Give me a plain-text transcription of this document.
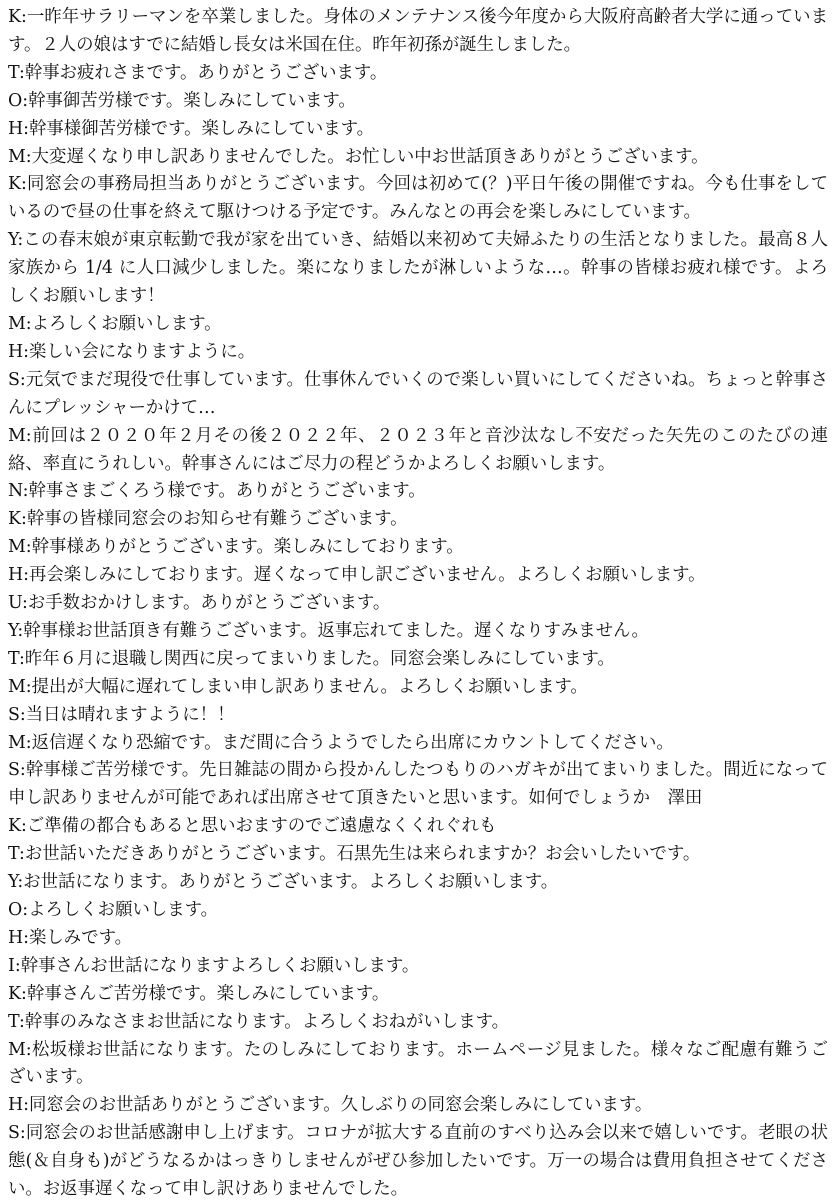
K:一昨年サラリーマンを卒業しました。身体のメンテナンス後今年度から大阪府高齢者大学に通っています。２人の娘はすでに結婚し長女は米国在住。昨年初孫が誕生しました。

T:幹事お疲れさまです。ありがとうございます。

O:幹事御苦労様です。楽しみにしています。

H:幹事様御苦労様です。楽しみにしています。

M:大変遅くなり申し訳ありませんでした。お忙しい中お世話頂きありがとうございます。

K:同窓会の事務局担当ありがとうございます。今回は初めて(？)平日午後の開催ですね。今も仕事をしているので昼の仕事を終えて駆けつける予定です。みんなとの再会を楽しみにしています。

Y:この春末娘が東京転勤で我が家を出ていき、結婚以来初めて夫婦ふたりの生活となりました。最高８人家族から 1/4 に人口減少しました。楽になりましたが淋しいような…。幹事の皆様お疲れ様です。よろしくお願いします！

M:よろしくお願いします。

H:楽しい会になりますように。

S:元気でまだ現役で仕事しています。仕事休んでいくので楽しい買いにしてくださいね。ちょっと幹事さんにプレッシャーかけて…

M:前回は２０２０年２月その後２０２２年、２０２３年と音沙汰なし不安だった矢先のこのたびの連絡、率直にうれしい。幹事さんにはご尽力の程どうかよろしくお願いします。

N:幹事さまごくろう様です。ありがとうございます。

K:幹事の皆様同窓会のお知らせ有難うございます。

M:幹事様ありがとうございます。楽しみにしております。

H:再会楽しみにしております。遅くなって申し訳ございません。よろしくお願いします。

U:お手数おかけします。ありがとうございます。

Y:幹事様お世話頂き有難うございます。返事忘れてました。遅くなりすみません。

T:昨年６月に退職し関西に戻ってまいりました。同窓会楽しみにしています。

M:提出が大幅に遅れてしまい申し訳ありません。よろしくお願いします。

S:当日は晴れますように！！

M:返信遅くなり恐縮です。まだ間に合うようでしたら出席にカウントしてください。

S:幹事様ご苦労様です。先日雑誌の間から投かんしたつもりのハガキが出てまいりました。間近になって申し訳ありませんが可能であれば出席させて頂きたいと思います。如何でしょうか　澤田

K:ご準備の都合もあると思いおますのでご遠慮なくくれぐれも

T:お世話いただきありがとうございます。石黒先生は来られますか？お会いしたいです。

Y:お世話になります。ありがとうございます。よろしくお願いします。

O:よろしくお願いします。

H:楽しみです。

I:幹事さんお世話になりますよろしくお願いします。

K:幹事さんご苦労様です。楽しみにしています。

T:幹事のみなさまお世話になります。よろしくおねがいします。

M:松坂様お世話になります。たのしみにしております。ホームページ見ました。様々なご配慮有難うございます。

H:同窓会のお世話ありがとうございます。久しぶりの同窓会楽しみにしています。

S:同窓会のお世話感謝申し上げます。コロナが拡大する直前のすべり込み会以来で嬉しいです。老眼の状態(＆自身も)がどうなるかはっきりしませんがぜひ参加したいです。万一の場合は費用負担させてください。お返事遅くなって申し訳けありませんでした。
